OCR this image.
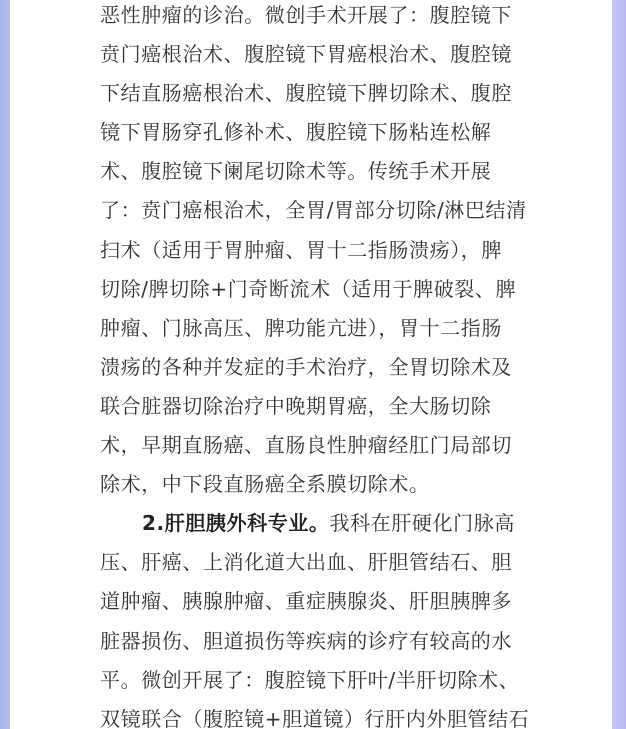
恶性肿瘤的诊治。微创手术开展了：腹腔镜下
贲门癌根治术、腹腔镜下胃癌根治术、腹腔镜
下结直肠癌根治术、腹腔镜下脾切除术、腹腔
镜下胃肠穿孔修补术、腹腔镜下肠粘连松解
术、腹腔镜下阑尾切除术等。传统手术开展
了：贲门癌根治术，全胃/胃部分切除/淋巴结清
扫术（适用于胃肿瘤、胃十二指肠溃疡），脾
切除/脾切除+门奇断流术（适用于脾破裂、脾
肿瘤、门脉高压、脾功能亢进），胃十二指肠
溃疡的各种并发症的手术治疗，全胃切除术及
联合脏器切除治疗中晚期胃癌，全大肠切除
术，早期直肠癌、直肠良性肿瘤经肛门局部切
除术，中下段直肠癌全系膜切除术。
2.肝胆胰外科专业。我科在肝硬化门脉高
压、肝癌、上消化道大出血、肝胆管结石、胆
道肿瘤、胰腺肿瘤、重症胰腺炎、肝胆胰脾多
脏器损伤、胆道损伤等疾病的诊疗有较高的水
平。微创开展了：腹腔镜下肝叶/半肝切除术、
双镜联合（腹腔镜+胆道镜）行肝内外胆管结石
